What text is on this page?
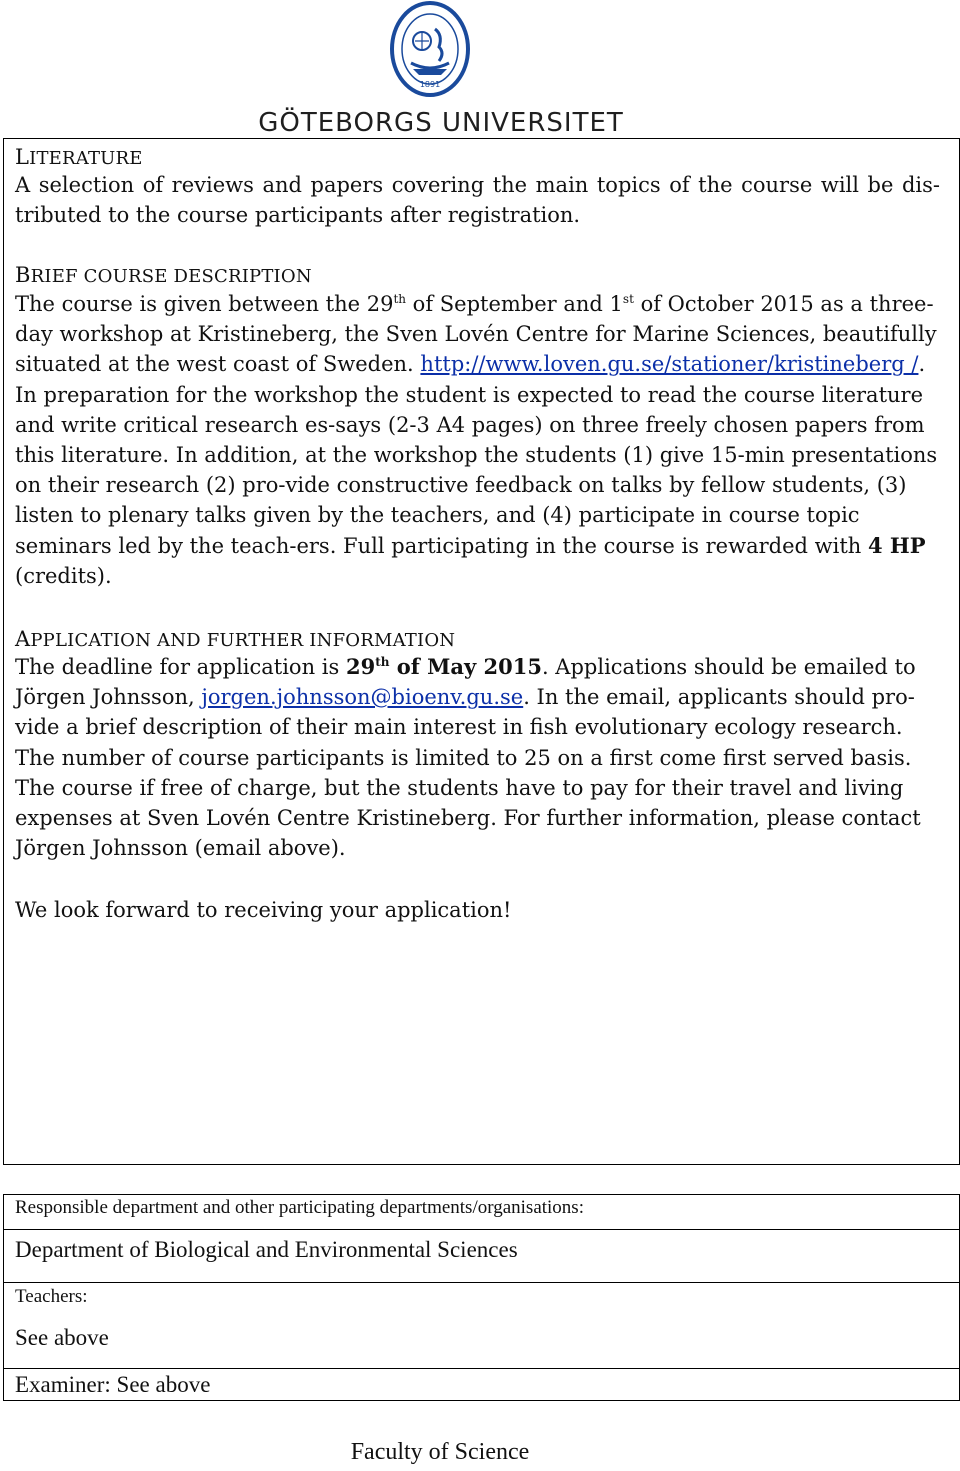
1891
GÖTEBORGS UNIVERSITET
LITERATURE
A selection of reviews and papers covering the main topics of the course will be dis-tributed to the course participants after registration.
BRIEF COURSE DESCRIPTION
The course is given between the 29th of September and 1st of October 2015 as a three-day workshop at Kristineberg, the Sven Lovén Centre for Marine Sciences, beautifully situated at the west coast of Sweden. http://www.loven.gu.se/stationer/kristineberg /. In preparation for the workshop the student is expected to read the course literature and write critical research es-says (2-3 A4 pages) on three freely chosen papers from this literature. In addition, at the workshop the students (1) give 15-min presentations on their research (2) pro-vide constructive feedback on talks by fellow students, (3) listen to plenary talks given by the teachers, and (4) participate in course topic seminars led by the teach-ers. Full participating in the course is rewarded with 4 HP (credits).
APPLICATION AND FURTHER INFORMATION
The deadline for application is 29th of May 2015. Applications should be emailed to Jörgen Johnsson, jorgen.johnsson@bioenv.gu.se. In the email, applicants should pro-vide a brief description of their main interest in fish evolutionary ecology research. The number of course participants is limited to 25 on a first come first served basis. The course if free of charge, but the students have to pay for their travel and living expenses at Sven Lovén Centre Kristineberg. For further information, please contact Jörgen Johnsson (email above).
We look forward to receiving your application!
Responsible department and other participating departments/organisations:
Department of Biological and Environmental Sciences
Teachers:
See above
Examiner: See above
Faculty of Science
